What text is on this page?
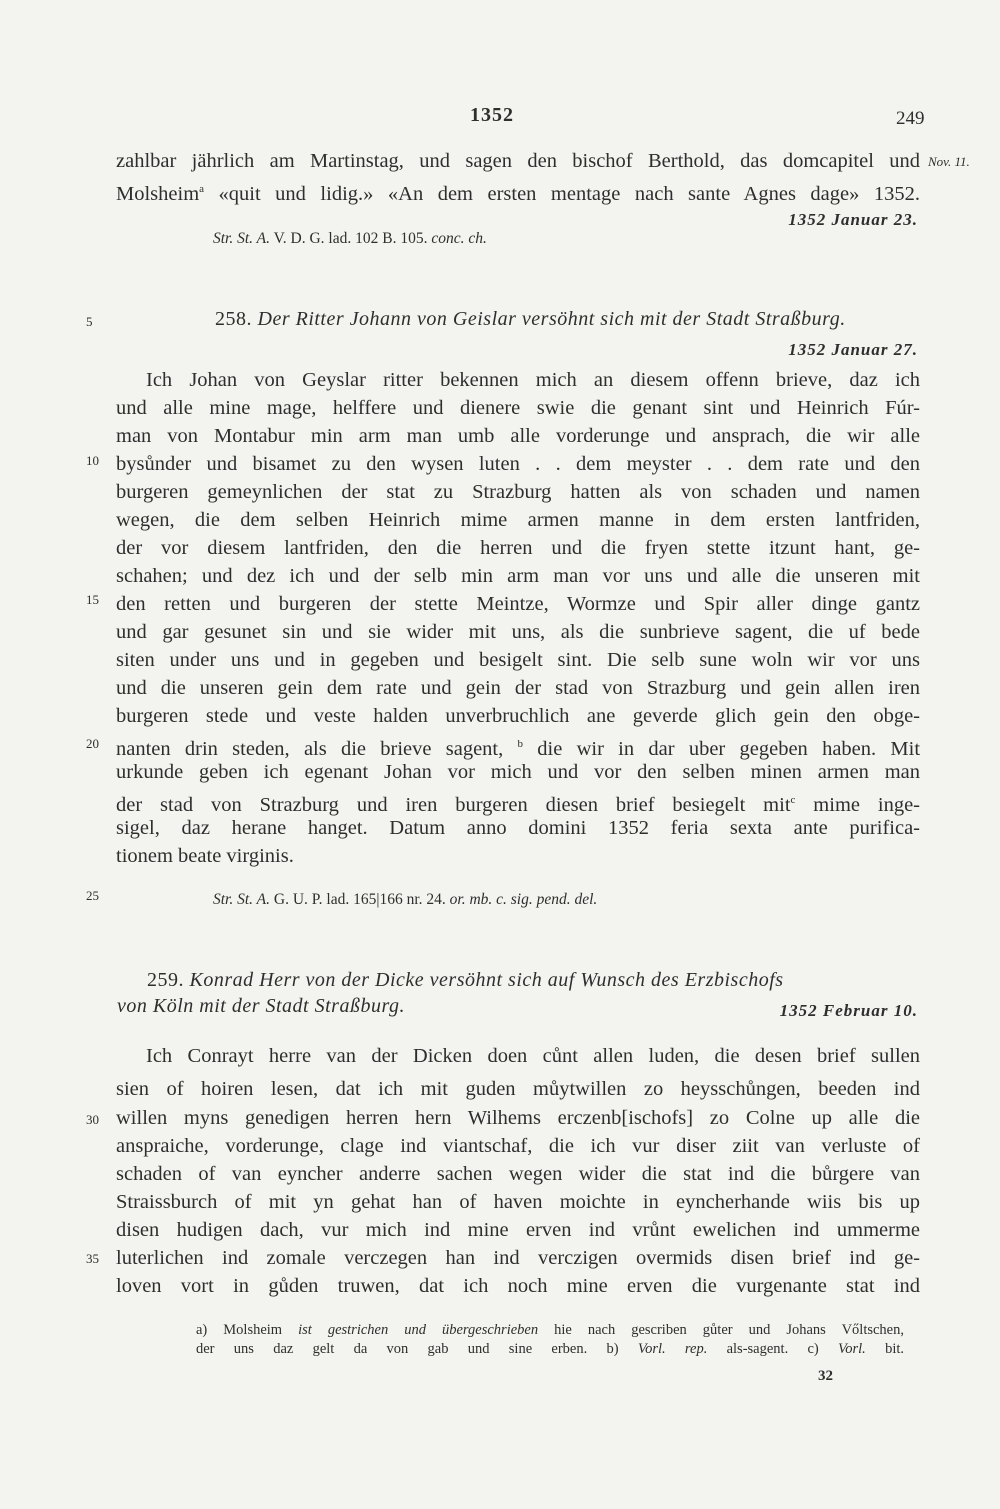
1352	249
Nov. 11.
zahlbar jährlich am Martinstag, und sagen den bischof Berthold, das domcapitel und
Molsheim$^a$ «quit und lidig.» «An dem ersten mentage nach sante Agnes dage» 1352.
1352 Januar 23.
Str. St. A. V. D. G. lad. 102 B. 105. conc. ch.
5
10
15
20
25
30
35
258. Der Ritter Johann von Geislar versöhnt sich mit der Stadt Straßburg.
1352 Januar 27.
Ich Johan von Geyslar ritter bekennen mich an diesem offenn brieve, daz ich
und alle mine mage, helffere und dienere swie die genant sint und Heinrich Fúr-
man von Montabur min arm man umb alle vorderunge und ansprach, die wir alle
bysůnder und bisamet zu den wysen luten . . dem meyster . . dem rate und den
burgeren gemeynlichen der stat zu Strazburg hatten als von schaden und namen
wegen, die dem selben Heinrich mime armen manne in dem ersten lantfriden,
der vor diesem lantfriden, den die herren und die fryen stette itzunt hant, ge-
schahen; und dez ich und der selb min arm man vor uns und alle die unseren mit
den retten und burgeren der stette Meintze, Wormze und Spir aller dinge gantz
und gar gesunet sin und sie wider mit uns, als die sunbrieve sagent, die uf bede
siten under uns und in gegeben und besigelt sint. Die selb sune woln wir vor uns
und die unseren gein dem rate und gein der stad von Strazburg und gein allen iren
burgeren stede und veste halden unverbruchlich ane geverde glich gein den obge-
nanten drin steden, als die brieve sagent, $^b$ die wir in dar uber gegeben haben. Mit
urkunde geben ich egenant Johan vor mich und vor den selben minen armen man
der stad von Strazburg und iren burgeren diesen brief besiegelt mit$^c$ mime inge-
sigel, daz herane hanget. Datum anno domini 1352 feria sexta ante purifica-
tionem beate virginis.
Str. St. A. G. U. P. lad. 165|166 nr. 24. or. mb. c. sig. pend. del.
259. Konrad Herr von der Dicke versöhnt sich auf Wunsch des Erzbischofs
von Köln mit der Stadt Straßburg.	1352 Februar 10.
Ich Conrayt herre van der Dicken doen cůnt allen luden, die desen brief sullen
sien of hoiren lesen, dat ich mit guden můytwillen zo heysschůngen, beeden ind
willen myns genedigen herren hern Wilhems erczenb[ischofs] zo Colne up alle die
anspraiche, vorderunge, clage ind viantschaf, die ich vur diser ziit van verluste of
schaden of van eyncher anderre sachen wegen wider die stat ind die bůrgere van
Straissburch of mit yn gehat han of haven moichte in eyncherhande wiis bis up
disen hudigen dach, vur mich ind mine erven ind vrůnt ewelichen ind ummerme
luterlichen ind zomale verczegen han ind verczigen overmids disen brief ind ge-
loven vort in gůden truwen, dat ich noch mine erven die vurgenante stat ind
a) Molsheim ist gestrichen und übergeschrieben hie nach gescriben gůter und Johans Vőltschen,
der uns daz gelt da von gab und sine erben. b) Vorl. rep. als-sagent. c) Vorl. bit.
32
